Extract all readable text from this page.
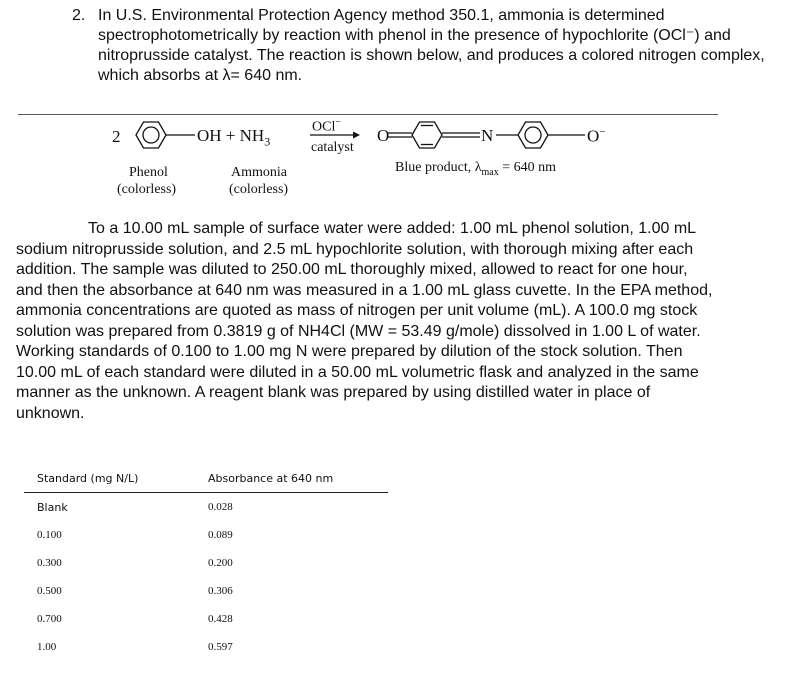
2. In U.S. Environmental Protection Agency method 350.1, ammonia is determined spectrophotometrically by reaction with phenol in the presence of hypochlorite (OCl⁻) and nitroprusside catalyst. The reaction is shown below, and produces a colored nitrogen complex, which absorbs at λ= 640 nm.
2	OH + $NH_3$
OCl−
catalyst
O	N	O−
Phenol
(colorless)
Ammonia
(colorless)
Blue product, $\lambda_{max} = 640$ nm
To a 10.00 mL sample of surface water were added: 1.00 mL phenol solution, 1.00 mL sodium nitroprusside solution, and 2.5 mL hypochlorite solution, with thorough mixing after each addition. The sample was diluted to 250.00 mL thoroughly mixed, allowed to react for one hour, and then the absorbance at 640 nm was measured in a 1.00 mL glass cuvette. In the EPA method, ammonia concentrations are quoted as mass of nitrogen per unit volume (mL). A 100.0 mg stock solution was prepared from 0.3819 g of NH4Cl (MW = 53.49 g/mole) dissolved in 1.00 L of water. Working standards of 0.100 to 1.00 mg N were prepared by dilution of the stock solution. Then 10.00 mL of each standard were diluted in a 50.00 mL volumetric flask and analyzed in the same manner as the unknown. A reagent blank was prepared by using distilled water in place of unknown.
Standard (mg N/L)	Absorbance at 640 nm
Blank	0.028
0.100	0.089
0.300	0.200
0.500	0.306
0.700	0.428
1.00	0.597
